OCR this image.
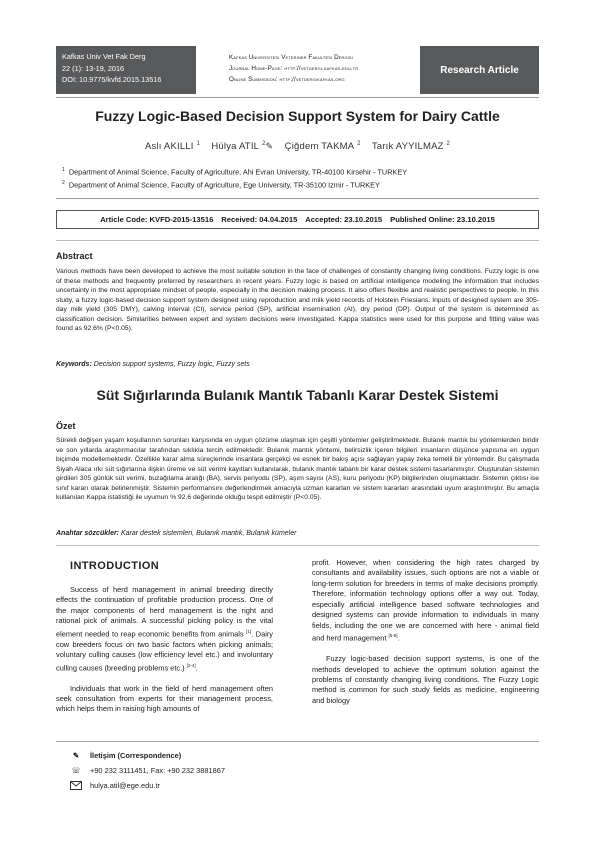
Kafkas Univ Vet Fak Derg
22 (1): 13-19, 2016
DOI: 10.9775/kvfd.2015.13516
Kafkas Universitesi Veteriner Fakultesi Dergisi
Journal Home-Page: http://vetdergi.kafkas.edu.tr
Online Submission: http://vetdergikafkas.org
Research Article
Fuzzy Logic-Based Decision Support System for Dairy Cattle
Aslı AKILLI $^1$ Hülya ATIL $^2$✎ Çiğdem TAKMA $^2$ Tarık AYYILMAZ $^2$
$^1$ Department of Animal Science, Faculty of Agriculture, Ahi Evran University, TR-40100 Kirsehir - TURKEY
$^2$ Department of Animal Science, Faculty of Agriculture, Ege University, TR-35100 Izmir - TURKEY
Article Code: KVFD-2015-13516 Received: 04.04.2015 Accepted: 23.10.2015 Published Online: 23.10.2015
Abstract
Various methods have been developed to achieve the most suitable solution in the face of challenges of constantly changing living conditions. Fuzzy logic is one of these methods and frequently preferred by researchers in recent years. Fuzzy logic is based on artificial intelligence modeling the information that includes uncertainty in the most appropriate mindset of people, especially in the decision making process. It also offers flexible and realistic perspectives to people. In this study, a fuzzy logic-based decision support system designed using reproduction and milk yield records of Holstein Friesians. Inputs of designed system are 305-day milk yield (305 DMY), calving interval (CI), service period (SP), artificial insemination (AI), dry period (DP). Output of the system is determined as classification decision. Similarities between expert and system decisions were investigated. Kappa statistics were used for this purpose and fitting value was found as 92.6% (P<0.05).
Keywords: Decision support systems, Fuzzy logic, Fuzzy sets
Süt Sığırlarında Bulanık Mantık Tabanlı Karar Destek Sistemi
Özet
Sürekli değişen yaşam koşullarının sorunları karşısında en uygun çözüme ulaşmak için çeşitli yöntemler geliştirilmektedir. Bulanık mantık bu yöntemlerden biridir ve son yıllarda araştırmacılar tarafından sıklıkla tercih edilmektedir. Bulanık mantık yöntemi, belirsizlik içeren bilgileri insanların düşünce yapısına en uygun biçimde modellemektedir. Özellikle karar alma süreçlerinde insanlara gerçekçi ve esnek bir bakış açısı sağlayan yapay zeka temelli bir yöntemdir. Bu çalışmada Siyah Alaca ırkı süt sığırlarına ilişkin üreme ve süt verimi kayıtları kullanılarak, bulanık mantık tabanlı bir karar destek sistemi tasarlanmıştır. Oluşturulan sistemin girdileri 305 günlük süt verimi, buzağılama aralığı (BA), servis periyodu (SP), aşım sayısı (AS), kuru periyodu (KP) bilgilerinden oluşmaktadır. Sistemin çıktısı ise sınıf kararı olarak belirlenmiştir. Sistemin performansını değerlendirmek amacıyla uzman kararları ve sistem kararları arasındaki uyum araştırılmıştır. Bu amaçla kullanılan Kappa istatistiği ile uyumun % 92.6 değerinde olduğu tespit edilmiştir (P<0.05).
Anahtar sözcükler: Karar destek sistemleri, Bulanık mantık, Bulanık kümeler
INTRODUCTION

Success of herd management in animal breeding directly effects the continuation of profitable production process. One of the major components of herd management is the right and rational pick of animals. A successful picking policy is the vital element needed to reap economic benefits from animals [1]. Dairy cow breeders focus on two basic factors when picking animals; voluntary culling causes (low efficiency level etc.) and involuntary culling causes (breeding problems etc.) [2-4].

Individuals that work in the field of herd management often seek consultation from experts for their management process, which helps them in raising high amounts of

profit. However, when considering the high rates charged by consultants and availability issues, such options are not a viable or long-term solution for breeders in terms of make decisions promptly. Therefore, information technology options offer a way out. Today, especially artificial intelligence based software technologies and designed systems can provide information to individuals in many fields, including the one we are concerned with here - animal field and herd management [5-9].

Fuzzy logic-based decision support systems, is one of the methods developed to achieve the optimum solution against the problems of constantly changing living conditions. The Fuzzy Logic method is common for such study fields as medicine, engineering and biology

✎	İletişim (Correspondence)
☏ +90 232 3111451, Fax: +90 232 3881867
hulya.atil@ege.edu.tr
